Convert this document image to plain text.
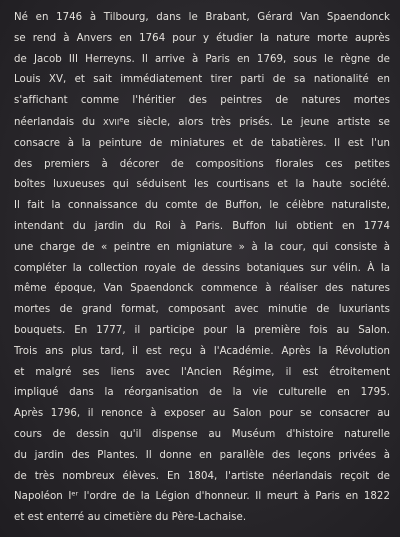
Né en 1746 à Tilbourg, dans le Brabant, Gérard Van Spaendonck
se rend à Anvers en 1764 pour y étudier la nature morte auprès
de Jacob III Herreyns. Il arrive à Paris en 1769, sous le règne de
Louis XV, et sait immédiatement tirer parti de sa nationalité en
s'affichant comme l'héritier des peintres de natures mortes
néerlandais du XVIIee siècle, alors très prisés. Le jeune artiste se
consacre à la peinture de miniatures et de tabatières. Il est l'un
des premiers à décorer de compositions florales ces petites
boîtes luxueuses qui séduisent les courtisans et la haute société.
Il fait la connaissance du comte de Buffon, le célèbre naturaliste,
intendant du jardin du Roi à Paris. Buffon lui obtient en 1774
une charge de « peintre en migniature » à la cour, qui consiste à
compléter la collection royale de dessins botaniques sur vélin. À la
même époque, Van Spaendonck commence à réaliser des natures
mortes de grand format, composant avec minutie de luxuriants
bouquets. En 1777, il participe pour la première fois au Salon.
Trois ans plus tard, il est reçu à l'Académie. Après la Révolution
et malgré ses liens avec l'Ancien Régime, il est étroitement
impliqué dans la réorganisation de la vie culturelle en 1795.
Après 1796, il renonce à exposer au Salon pour se consacrer au
cours de dessin qu'il dispense au Muséum d'histoire naturelle
du jardin des Plantes. Il donne en parallèle des leçons privées à
de très nombreux élèves. En 1804, l'artiste néerlandais reçoit de
Napoléon Ier l'ordre de la Légion d'honneur. Il meurt à Paris en 1822
et est enterré au cimetière du Père-Lachaise.
